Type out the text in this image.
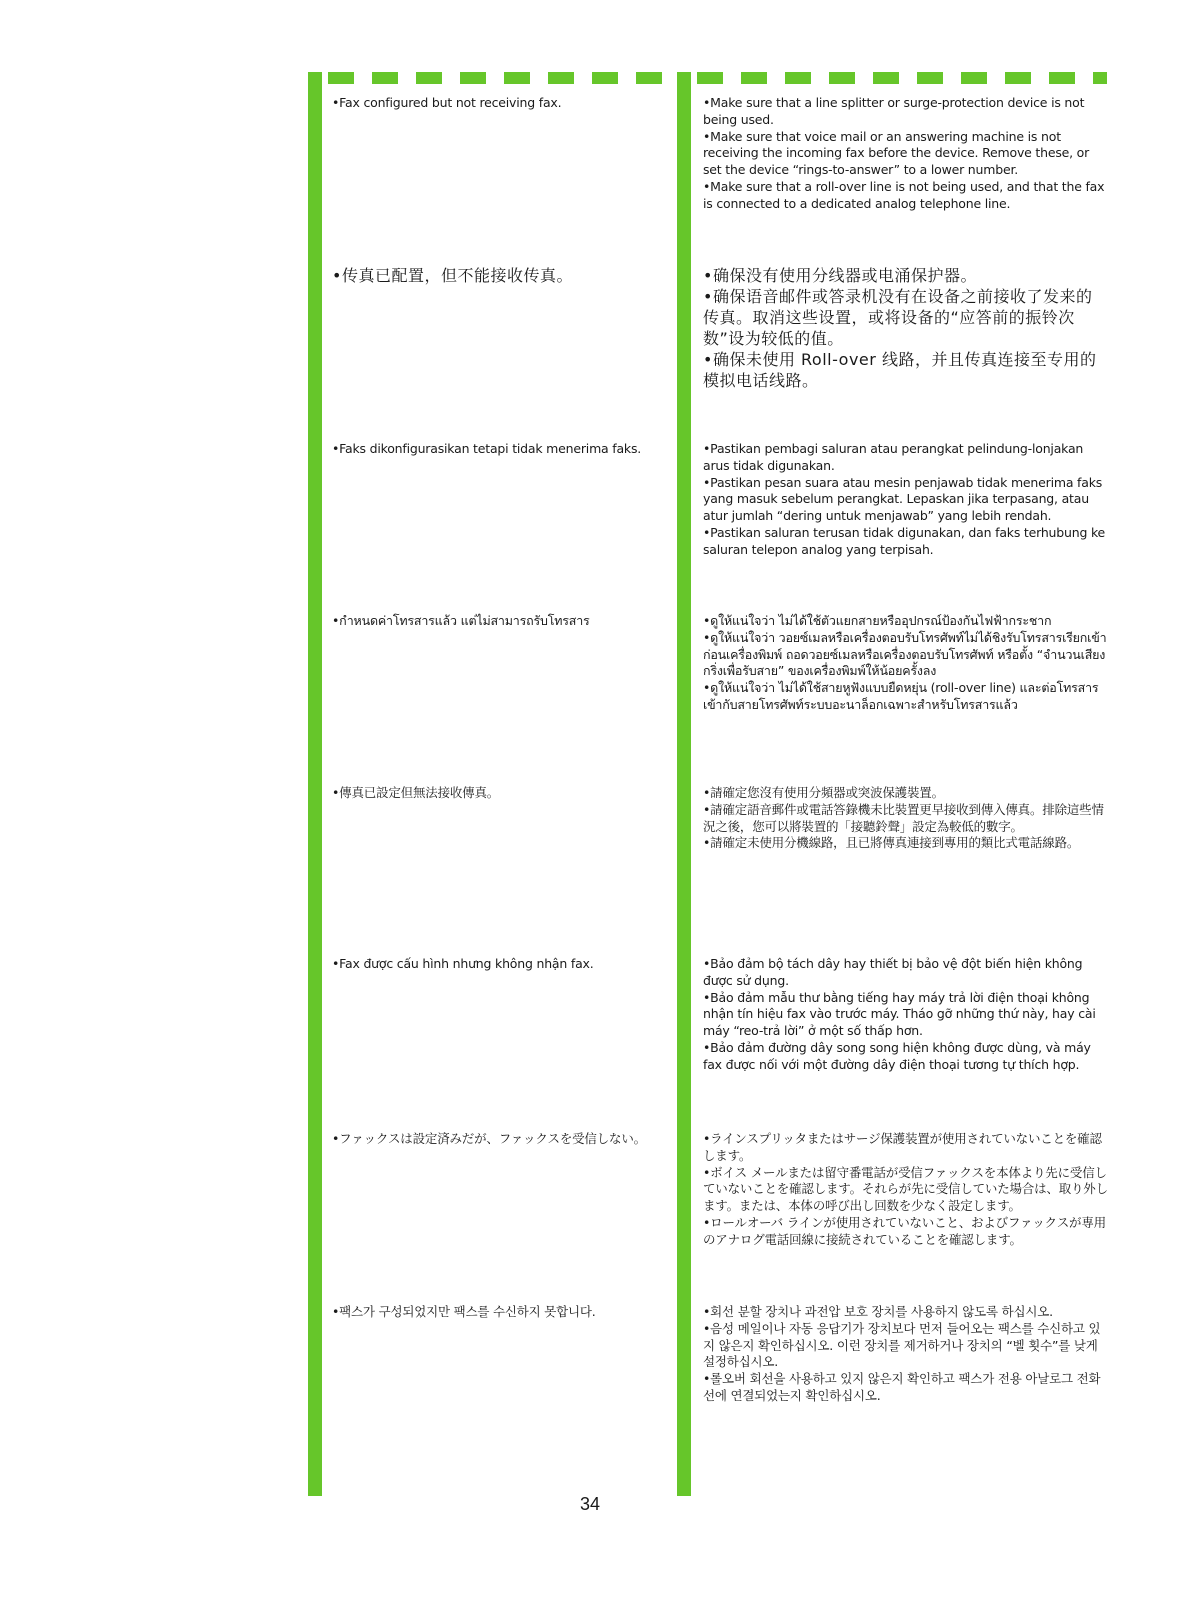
•Fax configured but not receiving fax.	•Make sure that a line splitter or surge-protection device is not being used.
•Make sure that voice mail or an answering machine is not receiving the incoming fax before the device. Remove these, or set the device “rings-to-answer” to a lower number.
•Make sure that a roll-over line is not being used, and that the fax is connected to a dedicated analog telephone line.
•传真已配置，但不能接收传真。	•确保没有使用分线器或电涌保护器。
•确保语音邮件或答录机没有在设备之前接收了发来的传真。取消这些设置，或将设备的“应答前的振铃次数”设为较低的值。
•确保未使用 Roll-over 线路，并且传真连接至专用的模拟电话线路。
•Faks dikonfigurasikan tetapi tidak menerima faks.	•Pastikan pembagi saluran atau perangkat pelindung-lonjakan arus tidak digunakan.
•Pastikan pesan suara atau mesin penjawab tidak menerima faks yang masuk sebelum perangkat. Lepaskan jika terpasang, atau atur jumlah “dering untuk menjawab” yang lebih rendah.
•Pastikan saluran terusan tidak digunakan, dan faks terhubung ke saluran telepon analog yang terpisah.
•กำหนดค่าโทรสารแล้ว แต่ไม่สามารถรับโทรสาร	•ดูให้แน่ใจว่า ไม่ได้ใช้ตัวแยกสายหรืออุปกรณ์ป้องกันไฟฟ้ากระชาก
•ดูให้แน่ใจว่า วอยซ์เมลหรือเครื่องตอบรับโทรศัพท์ไม่ได้ชิงรับโทรสารเรียกเข้าก่อนเครื่องพิมพ์ ถอดวอยซ์เมลหรือเครื่องตอบรับโทรศัพท์ หรือตั้ง “จำนวนเสียงกริ่งเพื่อรับสาย” ของเครื่องพิมพ์ให้น้อยครั้งลง
•ดูให้แน่ใจว่า ไม่ได้ใช้สายหูฟังแบบยืดหยุ่น (roll-over line) และต่อโทรสารเข้ากับสายโทรศัพท์ระบบอะนาล็อกเฉพาะสำหรับโทรสารแล้ว
•傳真已設定但無法接收傳真。	•請確定您沒有使用分頻器或突波保護裝置。
•請確定語音郵件或電話答錄機未比裝置更早接收到傳入傳真。排除這些情況之後，您可以將裝置的「接聽鈴聲」設定為較低的數字。
•請確定未使用分機線路，且已將傳真連接到專用的類比式電話線路。
•Fax được cấu hình nhưng không nhận fax.	•Bảo đảm bộ tách dây hay thiết bị bảo vệ đột biến hiện không được sử dụng.
•Bảo đảm mẫu thư bằng tiếng hay máy trả lời điện thoại không nhận tín hiệu fax vào trước máy. Tháo gỡ những thứ này, hay cài máy “reo-trả lời” ở một số thấp hơn.
•Bảo đảm đường dây song song hiện không được dùng, và máy fax được nối với một đường dây điện thoại tương tự thích hợp.
•ファックスは設定済みだが、ファックスを受信しない。	•ラインスプリッタまたはサージ保護装置が使用されていないことを確認します。
•ボイス メールまたは留守番電話が受信ファックスを本体より先に受信していないことを確認します。それらが先に受信していた場合は、取り外します。または、本体の呼び出し回数を少なく設定します。
•ロールオーバ ラインが使用されていないこと、およびファックスが専用のアナログ電話回線に接続されていることを確認します。
•팩스가 구성되었지만 팩스를 수신하지 못합니다.	•회선 분할 장치나 과전압 보호 장치를 사용하지 않도록 하십시오.
•음성 메일이나 자동 응답기가 장치보다 먼저 들어오는 팩스를 수신하고 있지 않은지 확인하십시오. 이런 장치를 제거하거나 장치의 “벨 횟수”를 낮게 설정하십시오.
•롤오버 회선을 사용하고 있지 않은지 확인하고 팩스가 전용 아날로그 전화선에 연결되었는지 확인하십시오.
34
